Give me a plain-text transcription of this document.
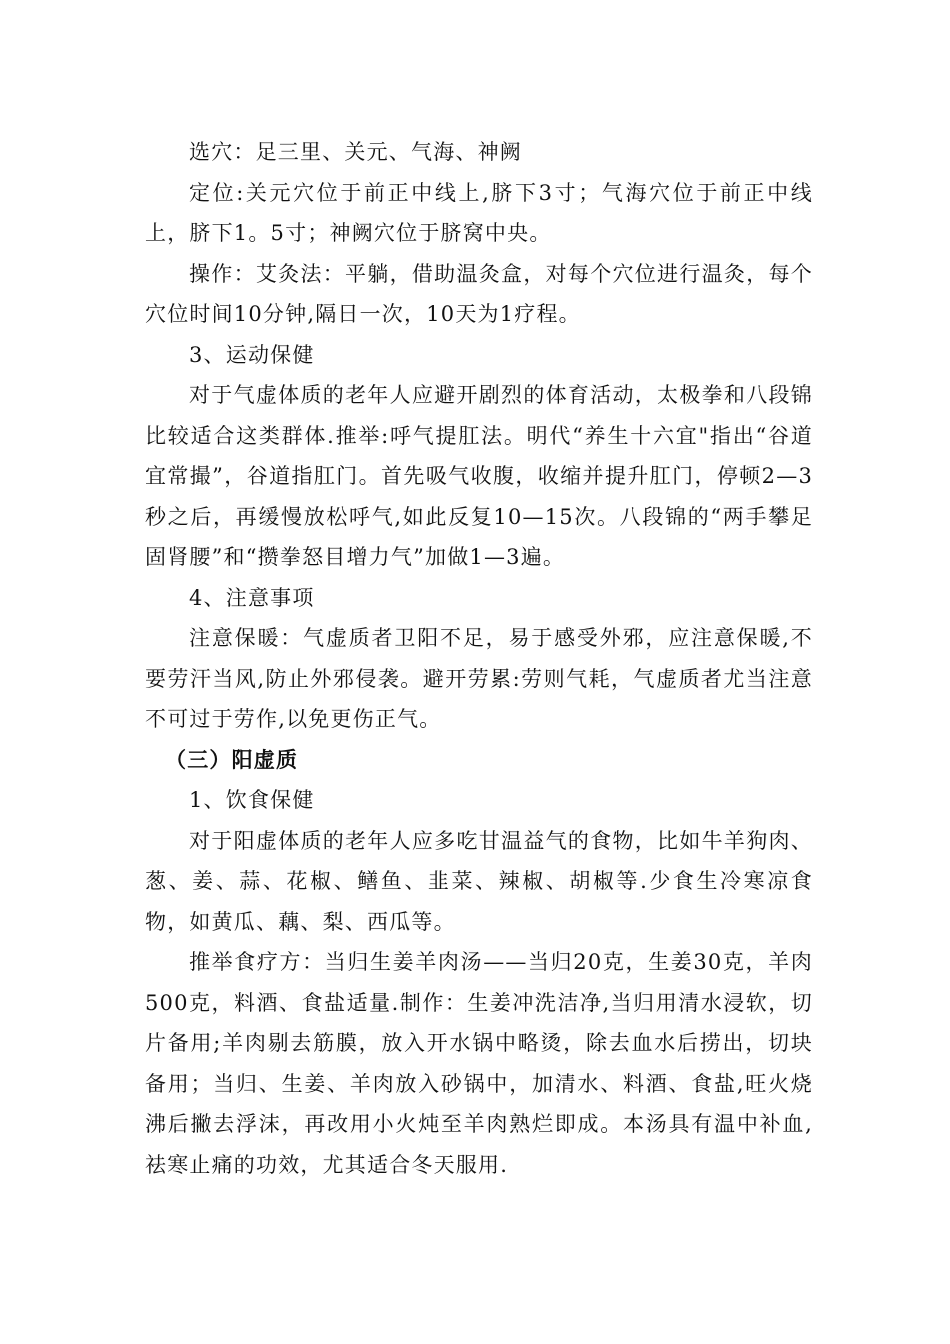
选穴：足三里、关元、气海、神阙

定位:关元穴位于前正中线上,脐下3寸；气海穴位于前正中线上，脐下1。5寸；神阙穴位于脐窝中央。

操作：艾灸法：平躺，借助温灸盒，对每个穴位进行温灸，每个穴位时间10分钟,隔日一次，10天为1疗程。

3、运动保健

对于气虚体质的老年人应避开剧烈的体育活动，太极拳和八段锦比较适合这类群体.推举:呼气提肛法。明代“养生十六宜"指出“谷道宜常撮”，谷道指肛门。首先吸气收腹，收缩并提升肛门，停顿2—3秒之后，再缓慢放松呼气,如此反复10—15次。八段锦的“两手攀足固肾腰”和“攒拳怒目增力气”加做1—3遍。

4、注意事项

注意保暖：气虚质者卫阳不足，易于感受外邪，应注意保暖,不要劳汗当风,防止外邪侵袭。避开劳累:劳则气耗，气虚质者尤当注意不可过于劳作,以免更伤正气。

（三）阳虚质

1、饮食保健

对于阳虚体质的老年人应多吃甘温益气的食物，比如牛羊狗肉、葱、姜、蒜、花椒、鳝鱼、韭菜、辣椒、胡椒等.少食生冷寒凉食物，如黄瓜、藕、梨、西瓜等。

推举食疗方：当归生姜羊肉汤——当归20克，生姜30克，羊肉500克，料酒、食盐适量.制作：生姜冲洗洁净,当归用清水浸软，切片备用;羊肉剔去筋膜，放入开水锅中略烫，除去血水后捞出，切块备用；当归、生姜、羊肉放入砂锅中，加清水、料酒、食盐,旺火烧沸后撇去浮沫，再改用小火炖至羊肉熟烂即成。本汤具有温中补血,祛寒止痛的功效，尤其适合冬天服用.
